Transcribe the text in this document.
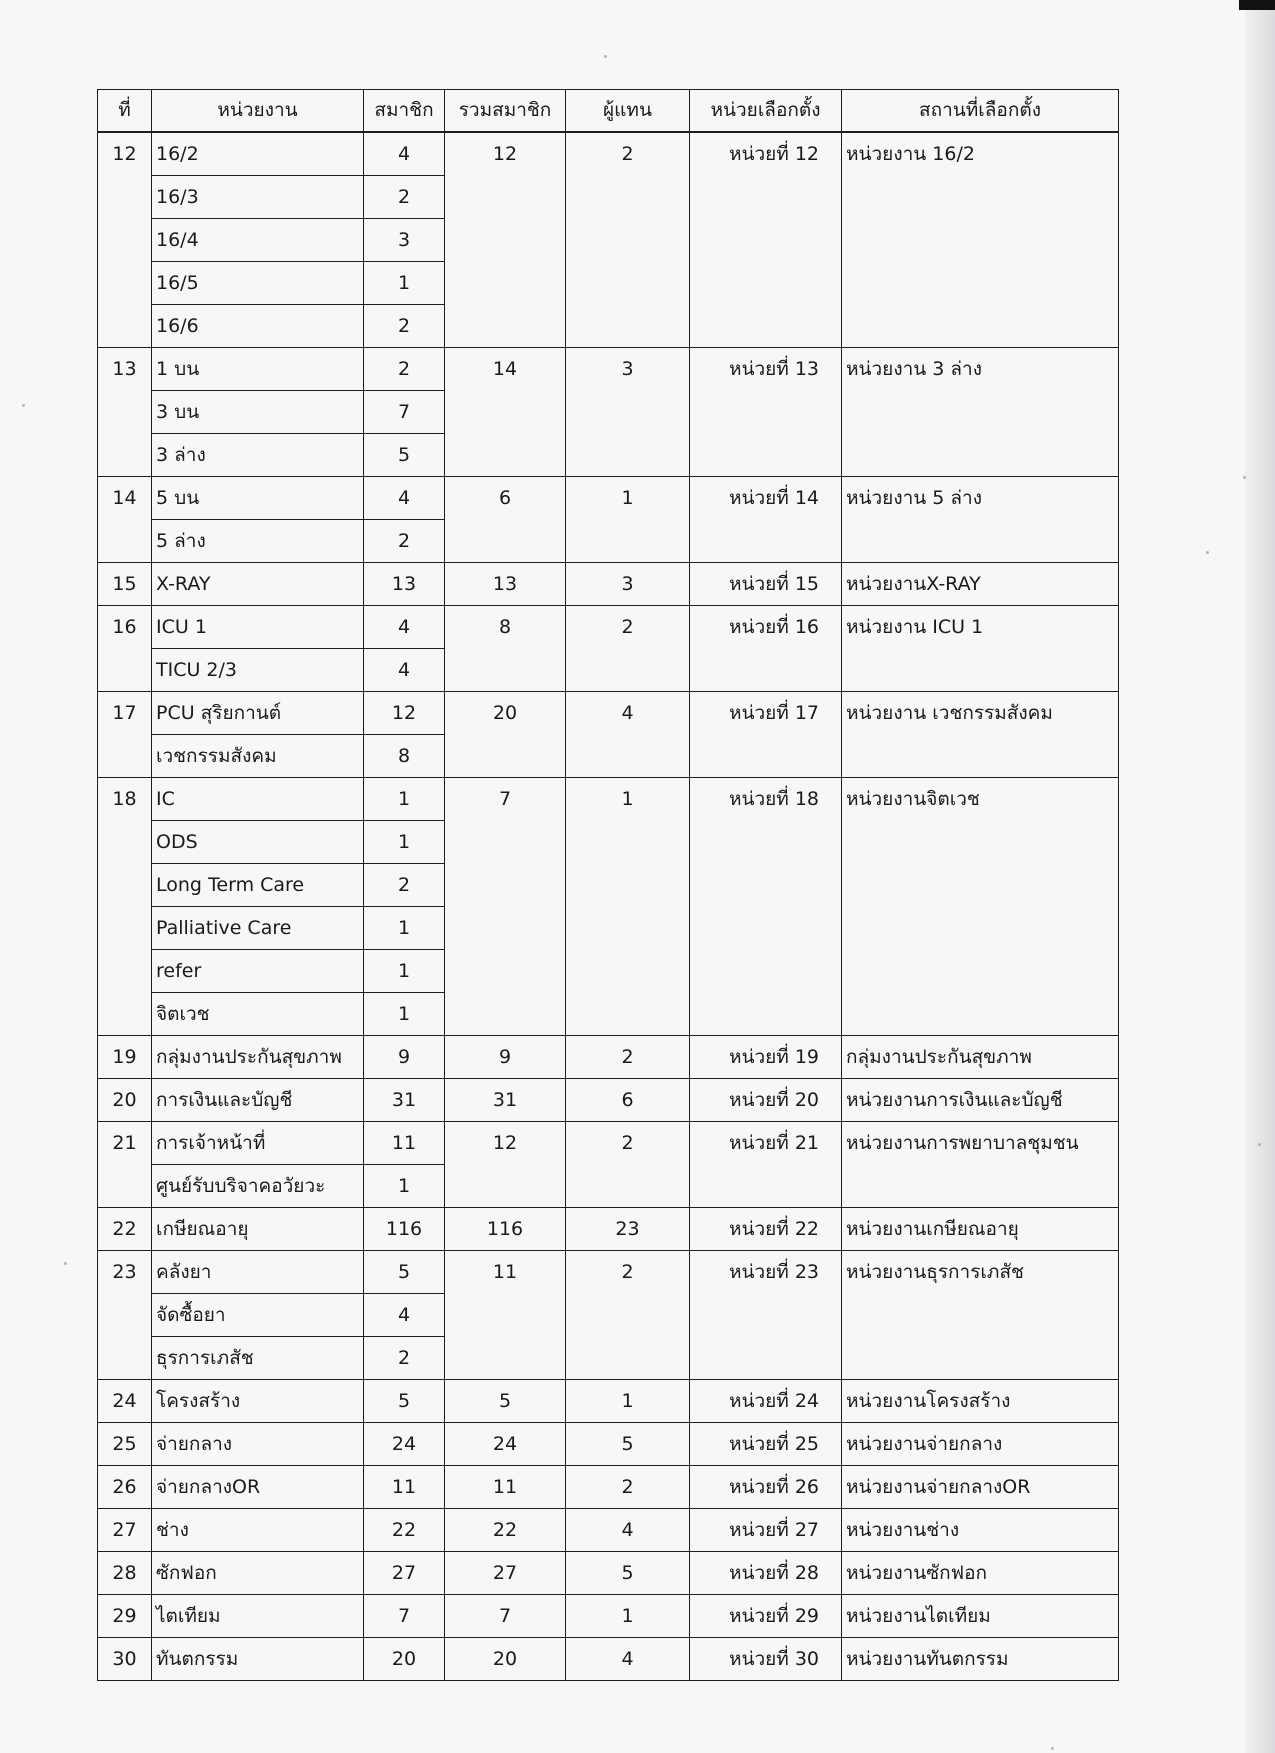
ที่	หน่วยงาน	สมาชิก	รวมสมาชิก	ผู้แทน	หน่วยเลือกตั้ง	สถานที่เลือกตั้ง
12	16/2	4	12	2	หน่วยที่ 12	หน่วยงาน 16/2
	16/3	2				
	16/4	3				
	16/5	1				
	16/6	2				
13	1 บน	2	14	3	หน่วยที่ 13	หน่วยงาน 3 ล่าง
	3 บน	7				
	3 ล่าง	5				
14	5 บน	4	6	1	หน่วยที่ 14	หน่วยงาน 5 ล่าง
	5 ล่าง	2				
15	X-RAY	13	13	3	หน่วยที่ 15	หน่วยงานX-RAY
16	ICU 1	4	8	2	หน่วยที่ 16	หน่วยงาน ICU 1
	TICU 2/3	4				
17	PCU สุริยกานต์	12	20	4	หน่วยที่ 17	หน่วยงาน เวชกรรมสังคม
	เวชกรรมสังคม	8				
18	IC	1	7	1	หน่วยที่ 18	หน่วยงานจิตเวช
	ODS	1				
	Long Term Care	2				
	Palliative Care	1				
	refer	1				
	จิตเวช	1				
19	กลุ่มงานประกันสุขภาพ	9	9	2	หน่วยที่ 19	กลุ่มงานประกันสุขภาพ
20	การเงินและบัญชี	31	31	6	หน่วยที่ 20	หน่วยงานการเงินและบัญชี
21	การเจ้าหน้าที่	11	12	2	หน่วยที่ 21	หน่วยงานการพยาบาลชุมชน
	ศูนย์รับบริจาคอวัยวะ	1				
22	เกษียณอายุ	116	116	23	หน่วยที่ 22	หน่วยงานเกษียณอายุ
23	คลังยา	5	11	2	หน่วยที่ 23	หน่วยงานธุรการเภสัช
	จัดซื้อยา	4				
	ธุรการเภสัช	2				
24	โครงสร้าง	5	5	1	หน่วยที่ 24	หน่วยงานโครงสร้าง
25	จ่ายกลาง	24	24	5	หน่วยที่ 25	หน่วยงานจ่ายกลาง
26	จ่ายกลางOR	11	11	2	หน่วยที่ 26	หน่วยงานจ่ายกลางOR
27	ช่าง	22	22	4	หน่วยที่ 27	หน่วยงานช่าง
28	ซักฟอก	27	27	5	หน่วยที่ 28	หน่วยงานซักฟอก
29	ไตเทียม	7	7	1	หน่วยที่ 29	หน่วยงานไตเทียม
30	ทันตกรรม	20	20	4	หน่วยที่ 30	หน่วยงานทันตกรรม
